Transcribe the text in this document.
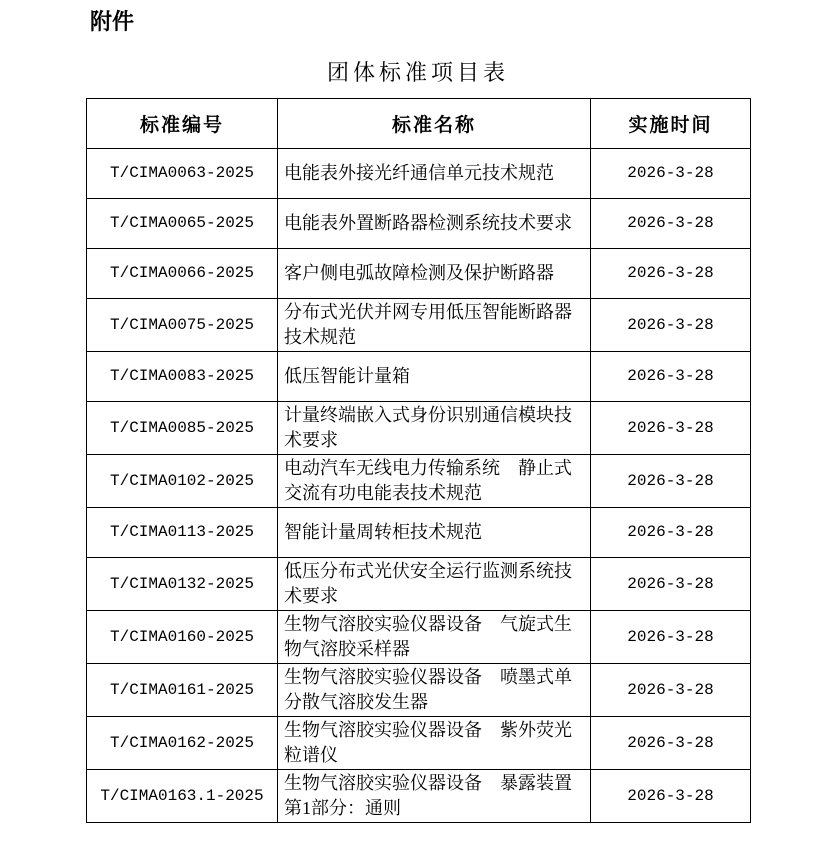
附件
团体标准项目表
标准编号	标准名称	实施时间
T/CIMA0063-2025	电能表外接光纤通信单元技术规范	2026-3-28
T/CIMA0065-2025	电能表外置断路器检测系统技术要求	2026-3-28
T/CIMA0066-2025	客户侧电弧故障检测及保护断路器	2026-3-28
T/CIMA0075-2025	分布式光伏并网专用低压智能断路器技术规范	2026-3-28
T/CIMA0083-2025	低压智能计量箱	2026-3-28
T/CIMA0085-2025	计量终端嵌入式身份识别通信模块技术要求	2026-3-28
T/CIMA0102-2025	电动汽车无线电力传输系统　静止式交流有功电能表技术规范	2026-3-28
T/CIMA0113-2025	智能计量周转柜技术规范	2026-3-28
T/CIMA0132-2025	低压分布式光伏安全运行监测系统技术要求	2026-3-28
T/CIMA0160-2025	生物气溶胶实验仪器设备　气旋式生物气溶胶采样器	2026-3-28
T/CIMA0161-2025	生物气溶胶实验仪器设备　喷墨式单分散气溶胶发生器	2026-3-28
T/CIMA0162-2025	生物气溶胶实验仪器设备　紫外荧光粒谱仪	2026-3-28
T/CIMA0163.1-2025	生物气溶胶实验仪器设备　暴露装置第1部分：通则	2026-3-28
